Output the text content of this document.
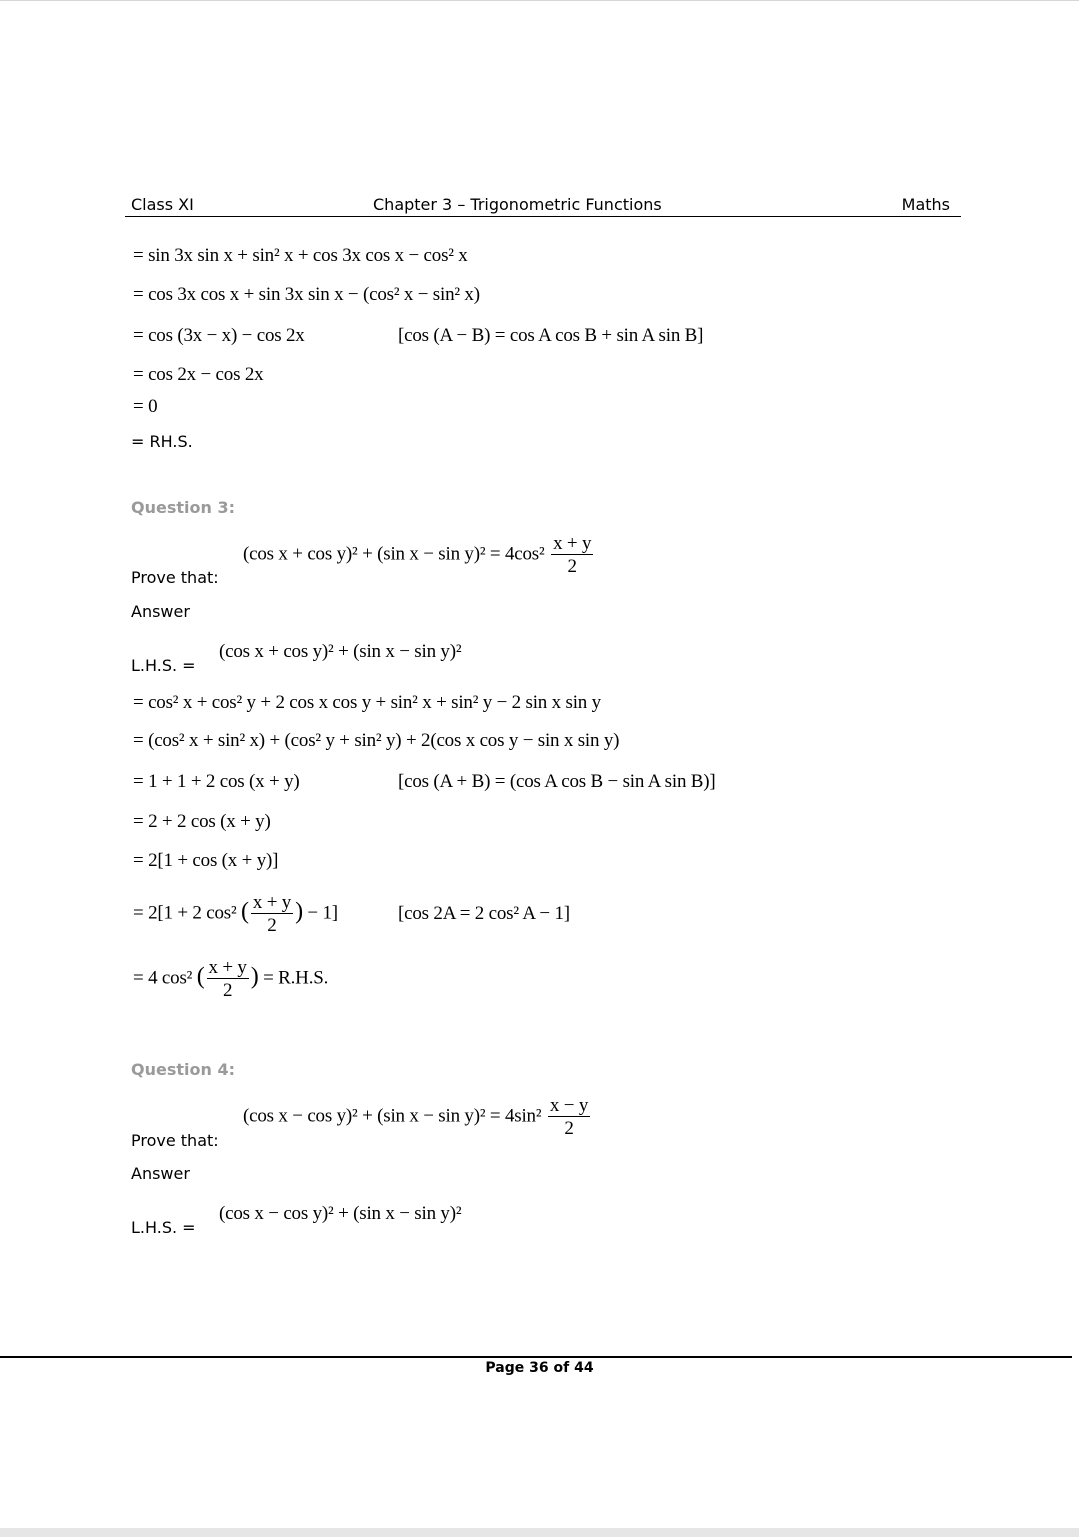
Class XI	Chapter 3 – Trigonometric Functions	Maths
= sin 3x sin x + sin² x + cos 3x cos x − cos² x
= cos 3x cos x + sin 3x sin x − (cos² x − sin² x)
= cos (3x − x) − cos 2x	[cos (A − B) = cos A cos B + sin A sin B]
= cos 2x − cos 2x
= 0
= RH.S.
Question 3:
Prove that:
(cos x + cos y)² + (sin $x - \sin y)^2 = 4\cos^2 \frac{x + y}{2}$
Answer
L.H.S. =
(cos x + cos y)² + (sin x − sin y)²
= cos² x + cos² y + 2 cos x cos y + sin² x + sin² y − 2 sin x sin y
= (cos² x + sin² x) + (cos² y + sin² y) + 2(cos x cos y − sin x sin y)
= 1 + 1 + 2 cos (x + y)	[cos (A + B) = (cos A cos B − sin A sin B)]
= 2 + 2 cos (x + y)
= 2[1 + cos (x + y)]
= 2[1 + 2 cos² ( $\frac{x + y}{2}$ ) − 1]	[cos 2A = 2 cos² A − 1]
= 4 cos² ( $\frac{x + y}{2}$ ) = R.H.S.
Question 4:
Prove that:
(cos x − cos y)² + (sin $x - \sin y)^2 = 4\sin^2 \frac{x - y}{2}$
Answer
L.H.S. =
(cos x − cos y)² + (sin x − sin y)²
Page 36 of 44
